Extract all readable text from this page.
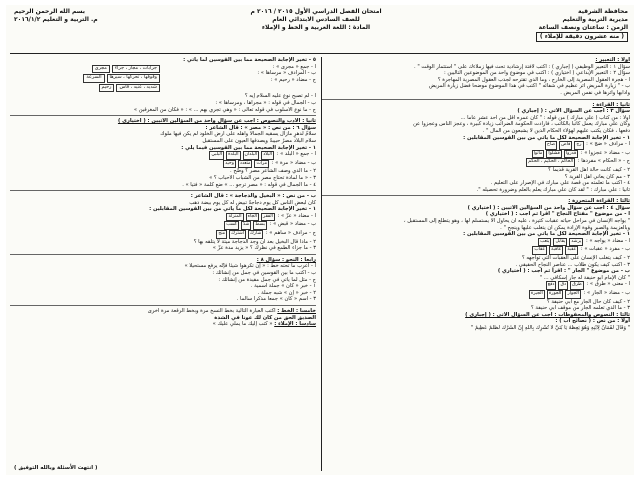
محافظة الشرقية
مديرية التربية والتعليم
الزمن : ساعتان ونصف الساعة
( منه عشرون دقيقة للإملاء )
امتحان الفصل الدراسي الأول ٢٠١٥ / ٢٠١٦ م
للصف السادس الابتدائي العام
المادة : اللغة العربية و الخط و الإملاء
بسم الله الرحمن الرحيم
م. التربية و التعليم ٢٠١٦/١/٢

أولاً : التعبير :

سؤال ١ : التعبير الوظيفي ( إجباري ) : اكتب لافتة إرشادية تحث فيها زملاءك على " استثمار الوقت " .

سؤال ٢ : التعبير الإبداعي ( اختياري ) : اكتب في موضوع واحد من الموضوعين التاليين :

أ - هجرة العقول المصرية إلى الخارج ، وما الذي تقترحه لجذب العقول المصرية المهاجرة ؟

ب - " زيارة المريض أثر عظيم في شفائه " اكتب في هذا الموضوع موضحاً فضل زيارة المريض

وأدابها وأثرها في نفس المريض .

ثانياً : القراءة :

سؤال ٣ : أجب عن السؤال الآتي : ( إجباري )

أولاً : من كتاب ( علي مبارك ) من قوله : " كان عمره أقل من أحد عشر عاماً ...

وكان علي مبارك يعمل كاتباً بالكاتب ، فأرادت الحكومة الضرائب زيادة كبيرة ، وعجز الناس وعجزوا عن

دفعها ، فكان يكتب عليهم لهؤلاء الحكام الذين لا يشبعون من المال " .

١ - تخير الإجابة الصحيحة لكل ما يأتي من بين القوسين المقابلين :

أ - مرادف « ضج » : رجفاضصاح

ب - مضاد « عجزوا » : قدروافشلواماتوا

ج - « الحكام » مفردها : الحاكم ، الحكيم ، الحكم

٢ - كيف كانت حالة أهل القرية قديماً ؟

٣ - مم كان يعاني أهل القرية ؟

٤ - اكتب ما تعلمته من قصة علي مبارك في الإصرار على التعليم .

ثانياً : علي مبارك : " لقد كان علي مبارك يعلم بالعلم وضرورة تحصيله ".

ثالثاً : القراءة المتحررة :

سؤال ٤ : اجب عن سؤال واحد من السؤالين الآتيين : ( اختياري )

أ - من موضوع " مفتاح النجاح " اقرأ ثم أجب : ( اختياري )

" يواجه الإنسان في مراحل حياته عقبات كثيرة ، عليه أن يحاول ألا يستسلم لها ، وهو يتطلع إلى المستقبل ،

وبالعزيمة والصبر وقوة الإرادة يمكن أن يتغلب عليها وينجح " .

١ - تخير الإجابة الصحيحة لكل ما يأتي من بين القوسين المقابلين :

أ - مضاد « يواجه » : يرشديقابليتعب

ب - مفرد « عقبات » : عقبةعاقبةعقاب

٢ - كيف يتغلب الإنسان على العقبات التي تواجهه ؟

٣ - اكتب كيف يكون طلاب ... عناصر النجاح الحقيقي .

ب - من موضوع " الجار " : اقرأ ثم أجب : ( اختياري )

" كان الإمام أبو حنيفة له جار إسكافي ... "

أ - معنى « طرق » : طرقدقدفع

ب - مضاد « الجار » : الجوارالجورةالجيرة

٢ - كيف كان حال الجار مع أبي حنيفة ؟

٣ - ما الذي تعلمه الجار من موقف أبي حنيفة ؟

ثالثاً : النصوص والمحفوظات : أجب عن السؤال الآتي : ( إجباري )

أولاً : من نص : ( نصائح أب ) :

" وَقَالَ لُقْمَانُ لِابْنِهِ وَهُوَ يَعِظُهُ يَا بُنَيَّ لَا تُشْرِكْ بِاللَّهِ إِنَّ الشِّرْكَ لَظُلْمٌ عَظِيمٌ "

٥ - تخير الإجابة الصحيحة مما بين القوسين لما يأتي :

أ - جمع « مجرى » :

ب - المرادف « مرساها » :

ج - مضاد « رحيم » :

جرابات ، مجار ، جراء
مجرى
وقوفها ، تحركها ، سيرها
السرعة
شديد ، عنيد ، قاس
رحيم

أ - لم تصبح نوع عليه السلام إيه ؟

ب - الجمال في قوله : « مجراها ، ومرساها » :

ج - ما نوع الأسلوب في قوله تعالى : « وهي تجري بهم ... » : « فكان من المغرقين »

ثانياً : الأدب والنصوص : أجب عن سؤال واحد من السؤالين الآتيين : ( اختياري )

سؤال ٦ : من نص : « مصر » : قال الشاعر :

سلامٌ لدهرٍ مازال يسقيه الجمالا وأهلُه على أرض الخلود لم يكُن فيها ملوكُ

سلام البلاد مصرُ حبيبةٌ ويصدقها العيون على المستقبل

١ - تخير الإجابة الصحيحة مما بين القوسين فيما يلي :

أ - جمع « البلد » : البلادالبلدانالبلدةالبلبي

ب - مضاد « مرة » : مراتمتعددوحيد

٢ - ما الذي وصف الشاعر مصر ؟ وضّح .

٣ - « ما لمادة تحتاج مصر من الشباب الأحباب ؟ »

٤ - ما الجمال في قوله : « مصر ترجو ... » ضع كلمة « فتيا » .

ب - من نص : « البخيل والدجاجة » : قال الشاعر :

كان لبعض الناس كل يوم دجاجةٌ تبيض له كل يوم بيضة ذهب

١ - تخير الإجابة الصحيحة لكل ما يأتي من بين القوسين المقابلين :

أ - مضاد « عزّ » : الفقرالجاهالمنزلة

ب - مضاد « قبض » : بسطشدّكسب

ج - مرادف « ساهم » : شاركاشتركمنح

٢ - ماذا قال البخيل بعد أن وجد الدجاجة ميتة لا يتلقه بها ؟

٣ - ما جزاء الطمع في نظرك ؟ « يزيد مدة عزّ »

رابعاً : النحو : سؤال ٨ :

أ - أعرب ما تحته خط : « إن تكرهوا شيئاً فإنّه يرفع مستحيلًا »

ب - اكتب ما بين القوسين في جمل من إنشائك :

ج - مثل لما يأتي في جمل مفيدة من إنشائك :

١ - خبر « كان » جملة اسمية .

٢ - خبر « إن » شبه جملة .

٣ - اسم « كان » جمعاً مذكراً سالماً .

خامساً : الخط : اكتب العبارة التالية بخط النسخ مرة وبخط الرقعة مرة أخرى

الصديق الحق من كان لك عوناً في الشدة

سادساً : الإملاء : « كتب إليك ما يملي عليك »

( انتهت الأسئلة وبالله التوفيق )
